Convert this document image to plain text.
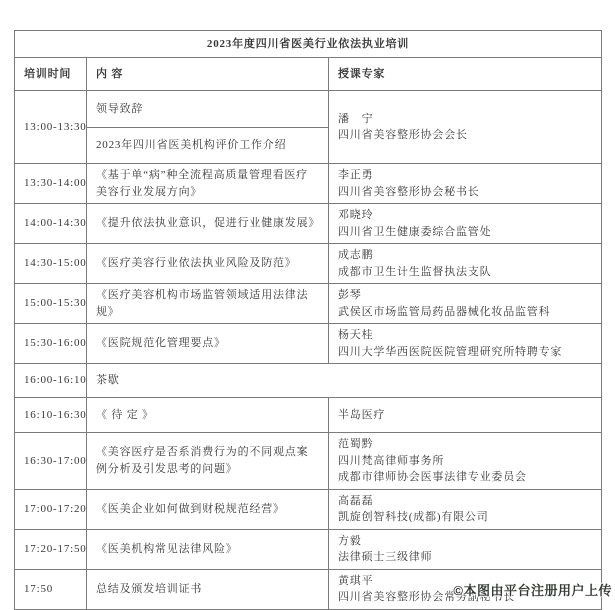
2023年度四川省医美行业依法执业培训		
培训时间	内 容	授课专家
13:00-13:30	领导致辞	潘　宁
四川省美容整形协会会长

	2023年四川省医美机构评价工作介绍	
13:30-14:00	《基于单“病”种全流程高质量管理看医疗美容行业发展方向》	李正勇
四川省美容整形协会秘书长

14:00-14:30	《提升依法执业意识，促进行业健康发展》	邓晓玲
四川省卫生健康委综合监管处

14:30-15:00	《医疗美容行业依法执业风险及防范》	成志鹏
成都市卫生计生监督执法支队

15:00-15:30	《医疗美容机构市场监管领域适用法律法规》	彭琴
武侯区市场监管局药品器械化妆品监管科

15:30-16:00	《医院规范化管理要点》	杨天桂
四川大学华西医院医院管理研究所特聘专家

16:00-16:10	茶歇	
16:10-16:30	《 待 定 》	半岛医疗

16:30-17:00	《美容医疗是否系消费行为的不同观点案例分析及引发思考的问题》	范蜀黔
四川梵高律师事务所
成都市律师协会医事法律专业委员会

17:00-17:20	《医美企业如何做到财税规范经营》	高磊磊
凯旋创智科技(成都)有限公司

17:20-17:50	《医美机构常见法律风险》	方毅
法律硕士三级律师

17:50	总结及颁发培训证书	黄琪平
四川省美容整形协会常务副秘书长
©本图由平台注册用户上传
